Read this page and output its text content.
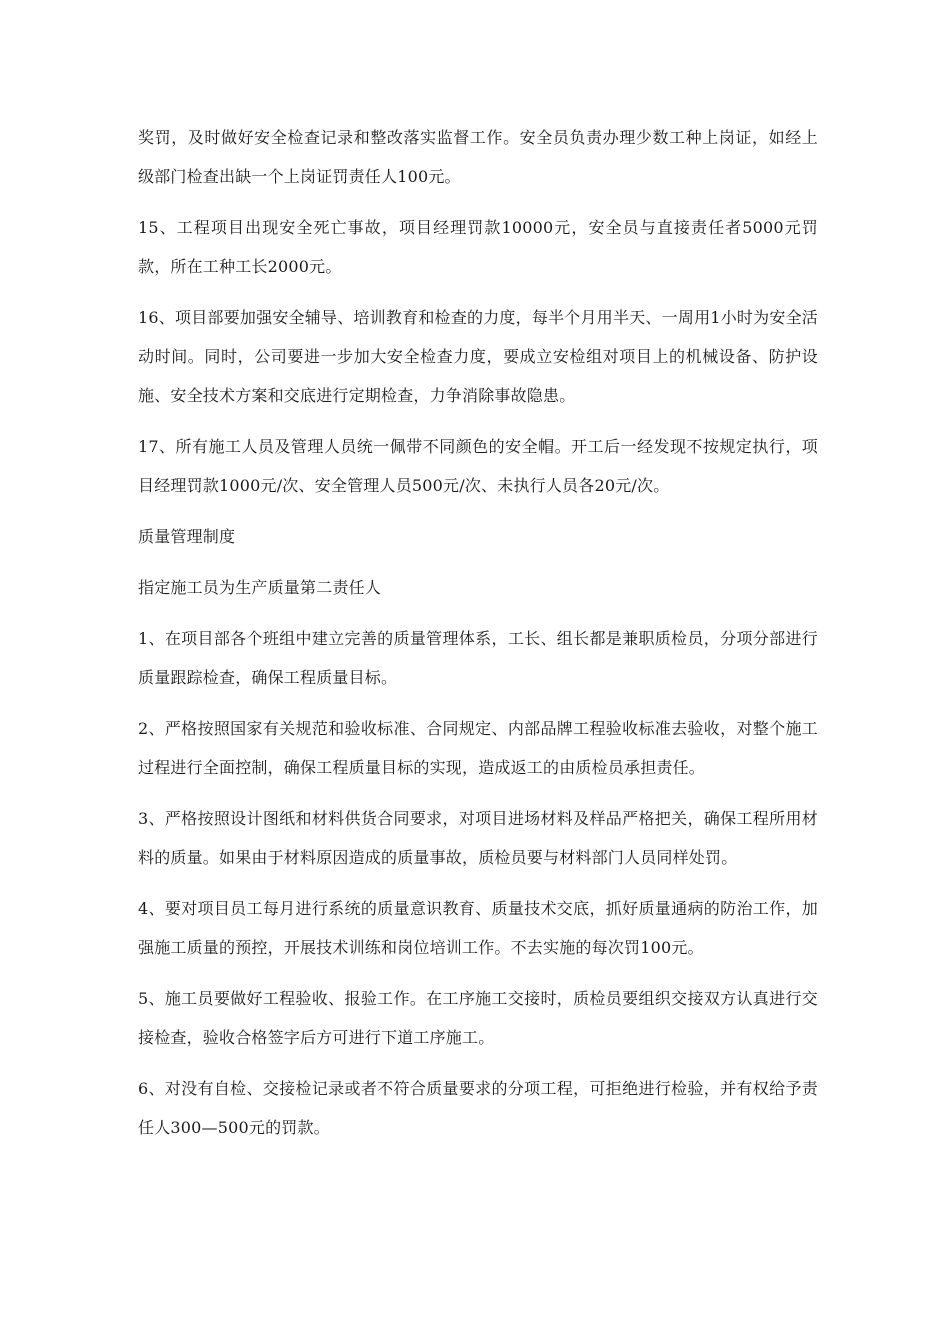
奖罚，及时做好安全检查记录和整改落实监督工作。安全员负责办理少数工种上岗证，如经上级部门检查出缺一个上岗证罚责任人100元。

15、工程项目出现安全死亡事故，项目经理罚款10000元，安全员与直接责任者5000元罚款，所在工种工长2000元。

16、项目部要加强安全辅导、培训教育和检查的力度，每半个月用半天、一周用1小时为安全活动时间。同时，公司要进一步加大安全检查力度，要成立安检组对项目上的机械设备、防护设施、安全技术方案和交底进行定期检查，力争消除事故隐患。

17、所有施工人员及管理人员统一佩带不同颜色的安全帽。开工后一经发现不按规定执行，项目经理罚款1000元/次、安全管理人员500元/次、未执行人员各20元/次。

质量管理制度

指定施工员为生产质量第二责任人

1、在项目部各个班组中建立完善的质量管理体系，工长、组长都是兼职质检员，分项分部进行质量跟踪检查，确保工程质量目标。

2、严格按照国家有关规范和验收标准、合同规定、内部品牌工程验收标准去验收，对整个施工过程进行全面控制，确保工程质量目标的实现，造成返工的由质检员承担责任。

3、严格按照设计图纸和材料供货合同要求，对项目进场材料及样品严格把关，确保工程所用材料的质量。如果由于材料原因造成的质量事故，质检员要与材料部门人员同样处罚。

4、要对项目员工每月进行系统的质量意识教育、质量技术交底，抓好质量通病的防治工作，加强施工质量的预控，开展技术训练和岗位培训工作。不去实施的每次罚100元。

5、施工员要做好工程验收、报验工作。在工序施工交接时，质检员要组织交接双方认真进行交接检查，验收合格签字后方可进行下道工序施工。

6、对没有自检、交接检记录或者不符合质量要求的分项工程，可拒绝进行检验，并有权给予责任人300—500元的罚款。
